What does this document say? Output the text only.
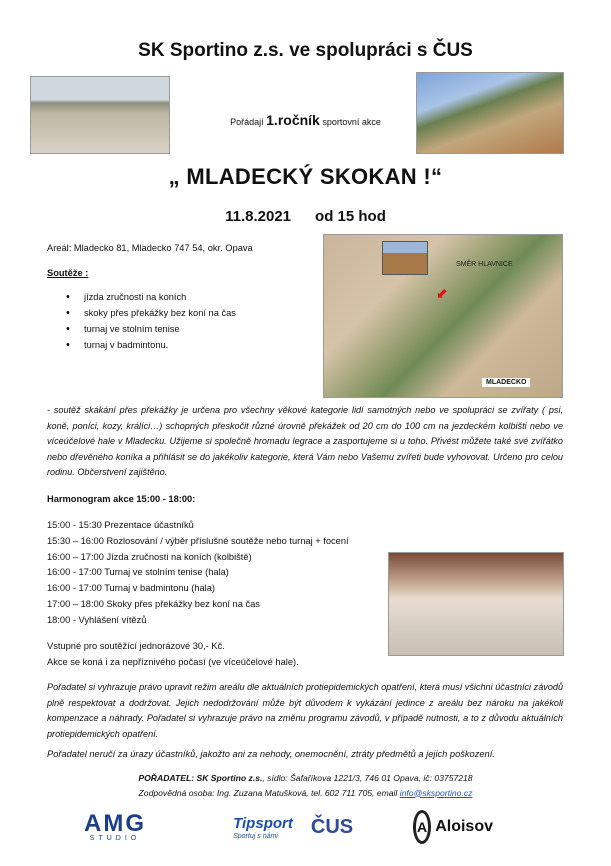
SK Sportino z.s. ve spolupráci s ČUS
Pořádají 1.ročník sportovní akce
„ MLADECKÝ SKOKAN !“
11.8.2021 od 15 hod
Areál: Mladecko 81, Mladecko 747 54, okr. Opava
Soutěže :
• jízda zručnosti na koních
• skoky přes překážky bez koní na čas
• turnaj ve stolním tenise
• turnaj v badmintonu.
SMĚR HLAVNICE
⬋
MLADECKO
- soutěž skákání přes překážky je určena pro všechny věkové kategorie lidí samotných nebo ve spolupráci se zvířaty ( psi, koně, poníci, kozy, králíci…) schopných přeskočit různé úrovně překážek od 20 cm do 100 cm na jezdeckém kolbišti nebo ve víceúčelové hale v Mladecku. Užijeme si společně hromadu legrace a zasportujeme si u toho. Přivést můžete také své zvířátko nebo dřevěného koníka a přihlásit se do jakékoliv kategorie, která Vám nebo Vašemu zvířeti bude vyhovovat. Určeno pro celou rodinu. Občerstvení zajištěno.
Harmonogram akce 15:00 - 18:00:
15:00 - 15:30 Prezentace účastníků
15:30 – 16:00 Rozlosování / výběr příslušné soutěže nebo turnaj + focení
16:00 – 17:00 Jízda zručnosti na koních (kolbiště)
16:00 - 17:00 Turnaj ve stolním tenise (hala)
16:00 - 17:00 Turnaj v badmintonu (hala)
17:00 – 18:00 Skoky přes překážky bez koní na čas
18:00 - Vyhlášení vítězů
Vstupné pro soutěžící jednorázové 30,- Kč.
Akce se koná i za nepříznivého počasí (ve víceúčelové hale).
Pořadatel si vyhrazuje právo upravit režim areálu dle aktuálních protiepidemických opatření, která musí všichni účastníci závodů plně respektovat a dodržovat. Jejich nedodržování může být důvodem k vykázání jedince z areálu bez nároku na jakékoli kompenzace a náhrady. Pořadatel si vyhrazuje právo na změnu programu závodů, v případě nutnosti, a to z důvodu aktuálních protiepidemických opatření.
Pořadatel neručí za úrazy účastníků, jakožto ani za nehody, onemocnění, ztráty předmětů a jejich poškození.
POŘADATEL: SK Sportino z.s., sídlo: Šafaříkova 1221/3, 746 01 Opava, ič: 03757218
Zodpovědná osoba: Ing. Zuzana Matušková, tel. 602 711 705, email info@sksportino.cz
AMG
STUDIO
Tipsport
Sportuj s námi	ČUS	A Aloisov
